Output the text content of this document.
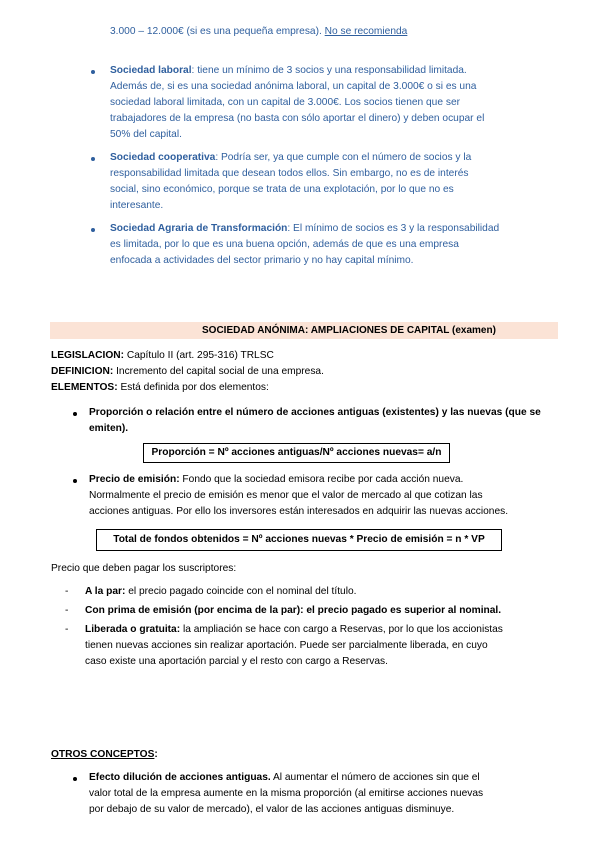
3.000 – 12.000€ (si es una pequeña empresa). No se recomienda

Sociedad laboral: tiene un mínimo de 3 socios y una responsabilidad limitada.
Además de, si es una sociedad anónima laboral, un capital de 3.000€ o si es una
sociedad laboral limitada, con un capital de 3.000€. Los socios tienen que ser
trabajadores de la empresa (no basta con sólo aportar el dinero) y deben ocupar el
50% del capital.
Sociedad cooperativa: Podría ser, ya que cumple con el número de socios y la
responsabilidad limitada que desean todos ellos. Sin embargo, no es de interés
social, sino económico, porque se trata de una explotación, por lo que no es
interesante.
Sociedad Agraria de Transformación: El mínimo de socios es 3 y la responsabilidad
es limitada, por lo que es una buena opción, además de que es una empresa
enfocada a actividades del sector primario y no hay capital mínimo.
SOCIEDAD ANÓNIMA: AMPLIACIONES DE CAPITAL (examen)
LEGISLACION: Capítulo II (art. 295-316) TRLSC
DEFINICION: Incremento del capital social de una empresa.
ELEMENTOS: Está definida por dos elementos:
Proporción o relación entre el número de acciones antiguas (existentes) y las nuevas (que se
emiten).
Proporción = Nº acciones antiguas/Nº acciones nuevas= a/n
Precio de emisión: Fondo que la sociedad emisora recibe por cada acción nueva.
Normalmente el precio de emisión es menor que el valor de mercado al que cotizan las
acciones antiguas. Por ello los inversores están interesados en adquirir las nuevas acciones.
Total de fondos obtenidos = Nº acciones nuevas * Precio de emisión = n * VP
Precio que deben pagar los suscriptores:
- A la par: el precio pagado coincide con el nominal del título.
- Con prima de emisión (por encima de la par): el precio pagado es superior al nominal.
- Liberada o gratuita: la ampliación se hace con cargo a Reservas, por lo que los accionistas
tienen nuevas acciones sin realizar aportación. Puede ser parcialmente liberada, en cuyo
caso existe una aportación parcial y el resto con cargo a Reservas.
OTROS CONCEPTOS:
Efecto dilución de acciones antiguas. Al aumentar el número de acciones sin que el
valor total de la empresa aumente en la misma proporción (al emitirse acciones nuevas
por debajo de su valor de mercado), el valor de las acciones antiguas disminuye.
